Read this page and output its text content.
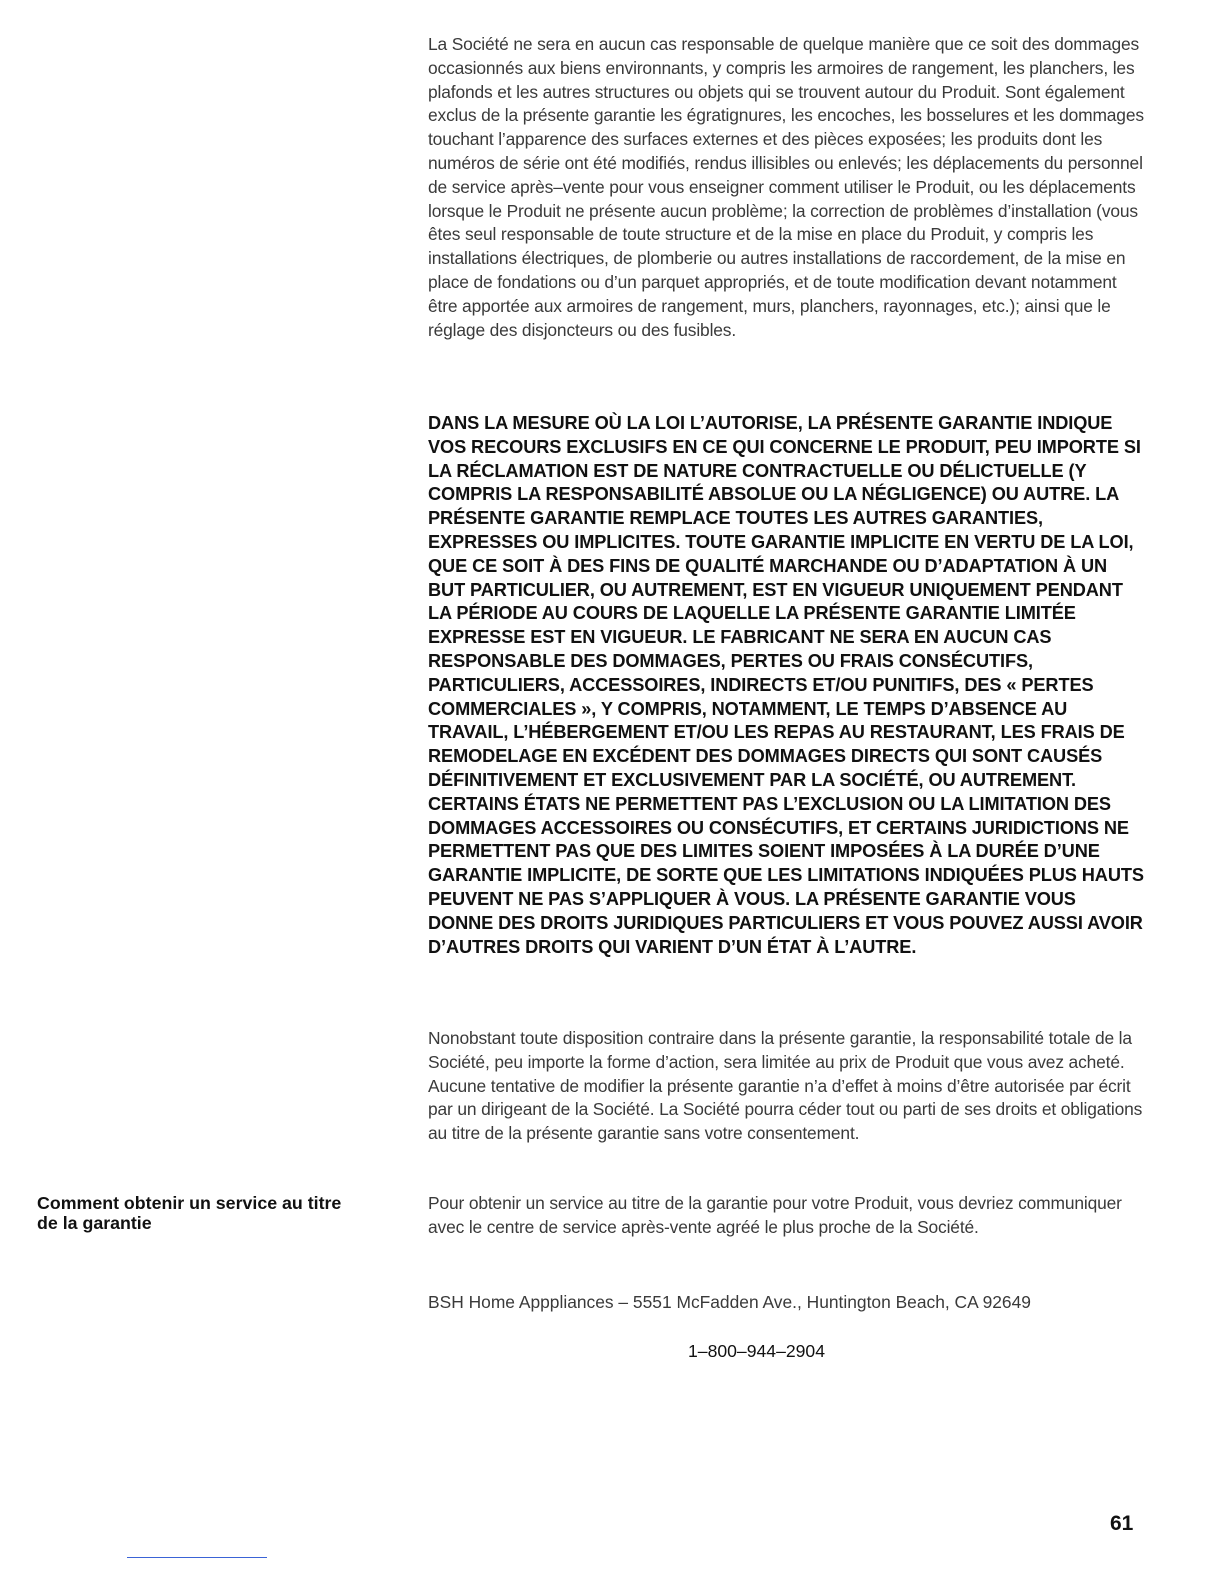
La Société ne sera en aucun cas responsable de quelque manière que ce soit des dommages occasionnés aux biens environnants, y compris les armoires de rangement, les planchers, les plafonds et les autres structures ou objets qui se trouvent autour du Produit. Sont également exclus de la présente garantie les égratignures, les encoches, les bosselures et les dommages touchant l’apparence des surfaces externes et des pièces exposées; les produits dont les numéros de série ont été modifiés, rendus illisibles ou enlevés; les déplacements du personnel de service après–vente pour vous enseigner comment utiliser le Produit, ou les déplacements lorsque le Produit ne présente aucun problème; la correction de problèmes d’installation (vous êtes seul responsable de toute structure et de la mise en place du Produit, y compris les installations électriques, de plomberie ou autres installations de raccordement, de la mise en place de fondations ou d’un parquet appropriés, et de toute modification devant notamment être apportée aux armoires de rangement, murs, planchers, rayonnages, etc.); ainsi que le réglage des disjoncteurs ou des fusibles.

DANS LA MESURE OÙ LA LOI L’AUTORISE, LA PRÉSENTE GARANTIE INDIQUE VOS RECOURS EXCLUSIFS EN CE QUI CONCERNE LE PRODUIT, PEU IMPORTE SI LA RÉCLAMATION EST DE NATURE CONTRACTUELLE OU DÉLICTUELLE (Y COMPRIS LA RESPONSABILITÉ ABSOLUE OU LA NÉGLIGENCE) OU AUTRE. LA PRÉSENTE GARANTIE REMPLACE TOUTES LES AUTRES GARANTIES, EXPRESSES OU IMPLICITES. TOUTE GARANTIE IMPLICITE EN VERTU DE LA LOI, QUE CE SOIT À DES FINS DE QUALITÉ MARCHANDE OU D’ADAPTATION À UN BUT PARTICULIER, OU AUTREMENT, EST EN VIGUEUR UNIQUEMENT PENDANT LA PÉRIODE AU COURS DE LAQUELLE LA PRÉSENTE GARANTIE LIMITÉE EXPRESSE EST EN VIGUEUR. LE FABRICANT NE SERA EN AUCUN CAS RESPONSABLE DES DOMMAGES, PERTES OU FRAIS CONSÉCUTIFS, PARTICULIERS, ACCESSOIRES, INDIRECTS ET/OU PUNITIFS, DES « PERTES COMMERCIALES », Y COMPRIS, NOTAMMENT, LE TEMPS D’ABSENCE AU TRAVAIL, L’HÉBERGEMENT ET/OU LES REPAS AU RESTAURANT, LES FRAIS DE REMODELAGE EN EXCÉDENT DES DOMMAGES DIRECTS QUI SONT CAUSÉS DÉFINITIVEMENT ET EXCLUSIVEMENT PAR LA SOCIÉTÉ, OU AUTREMENT. CERTAINS ÉTATS NE PERMETTENT PAS L’EXCLUSION OU LA LIMITATION DES DOMMAGES ACCESSOIRES OU CONSÉCUTIFS, ET CERTAINS JURIDICTIONS NE PERMETTENT PAS QUE DES LIMITES SOIENT IMPOSÉES À LA DURÉE D’UNE GARANTIE IMPLICITE, DE SORTE QUE LES LIMITATIONS INDIQUÉES PLUS HAUTS PEUVENT NE PAS S’APPLIQUER À VOUS. LA PRÉSENTE GARANTIE VOUS DONNE DES DROITS JURIDIQUES PARTICULIERS ET VOUS POUVEZ AUSSI AVOIR D’AUTRES DROITS QUI VARIENT D’UN ÉTAT À L’AUTRE.

Nonobstant toute disposition contraire dans la présente garantie, la responsabilité totale de la Société, peu importe la forme d’action, sera limitée au prix de Produit que vous avez acheté. Aucune tentative de modifier la présente garantie n’a d’effet à moins d’être autorisée par écrit par un dirigeant de la Société. La Société pourra céder tout ou parti de ses droits et obligations au titre de la présente garantie sans votre consentement.

Comment obtenir un service au titre de la garantie

Pour obtenir un service au titre de la garantie pour votre Produit, vous devriez communiquer avec le centre de service après-vente agréé le plus proche de la Société.

BSH Home Apppliances – 5551 McFadden Ave., Huntington Beach, CA 92649

1–800–944–2904

61
